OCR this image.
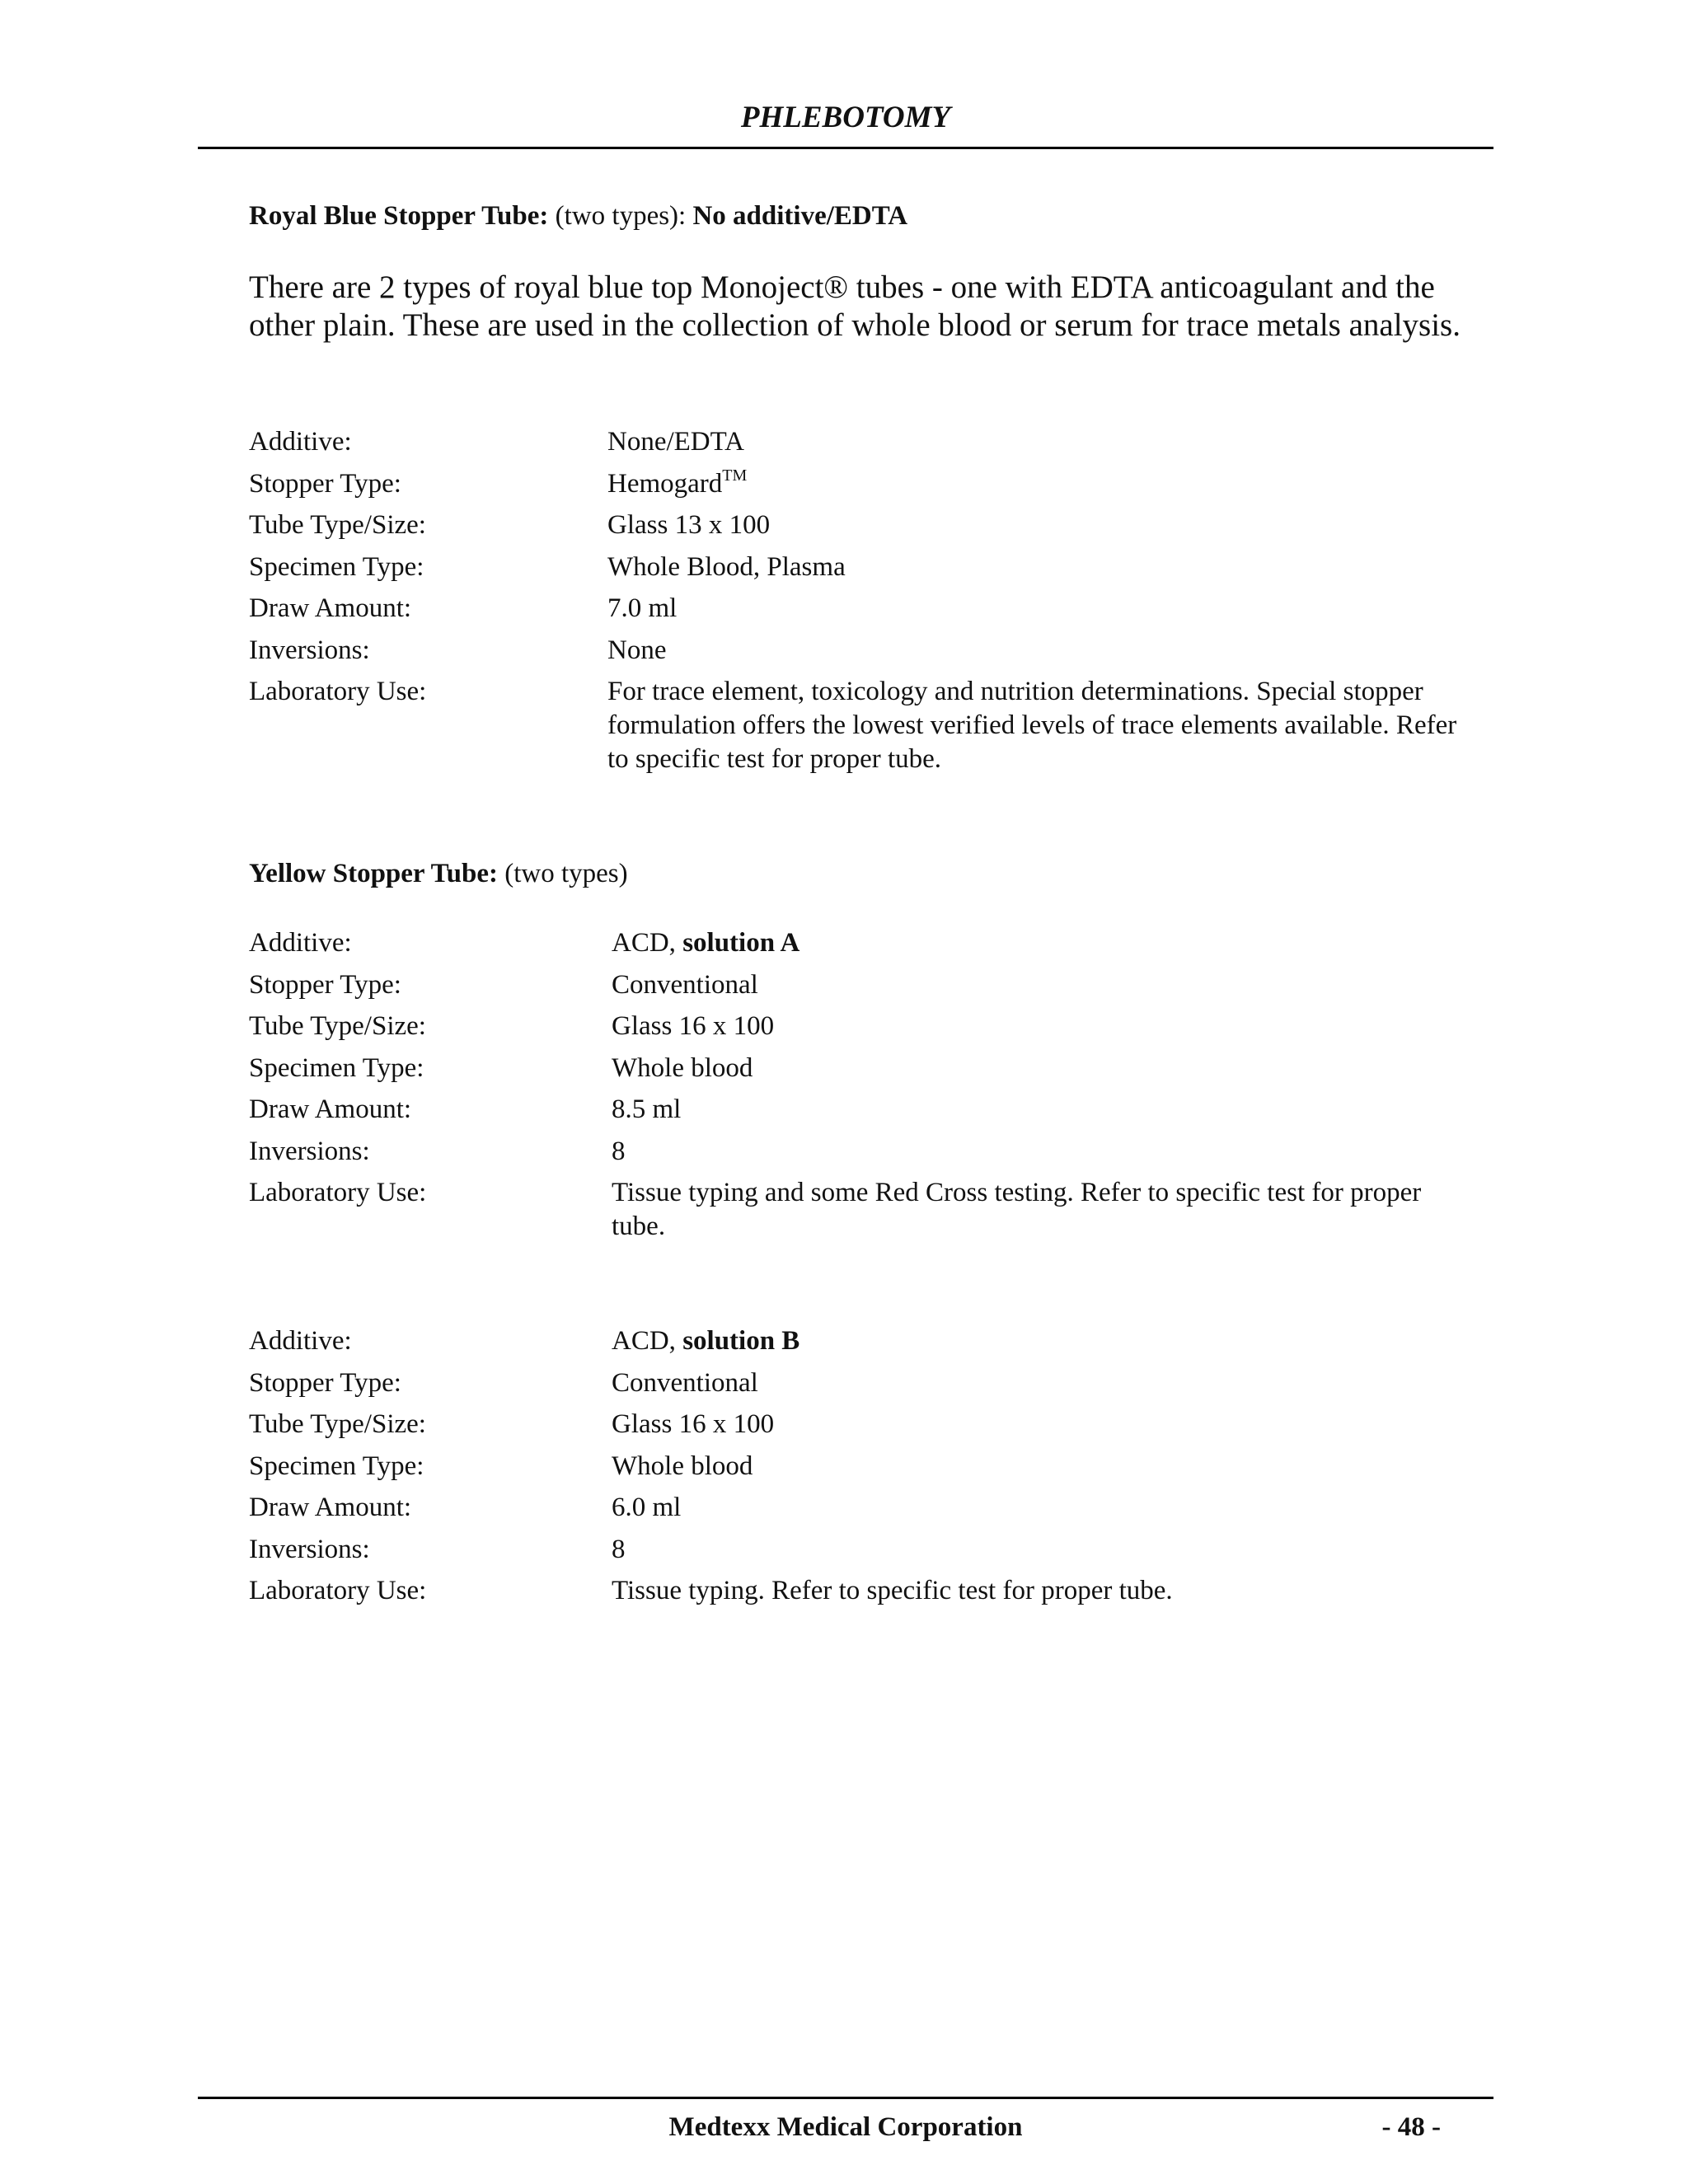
PHLEBOTOMY
Royal Blue Stopper Tube: (two types): No additive/EDTA
There are 2 types of royal blue top Monoject® tubes - one with EDTA anticoagulant and the other plain. These are used in the collection of whole blood or serum for trace metals analysis.
Additive:	None/EDTA
Stopper Type:	Hemogard™
Tube Type/Size:	Glass 13 x 100
Specimen Type:	Whole Blood, Plasma
Draw Amount:	7.0 ml
Inversions:	None
Laboratory Use:	For trace element, toxicology and nutrition determinations. Special stopper formulation offers the lowest verified levels of trace elements available. Refer to specific test for proper tube.
Yellow Stopper Tube: (two types)
Additive:	ACD, solution A
Stopper Type:	Conventional
Tube Type/Size:	Glass 16 x 100
Specimen Type:	Whole blood
Draw Amount:	8.5 ml
Inversions:	8
Laboratory Use:	Tissue typing and some Red Cross testing. Refer to specific test for proper tube.
Additive:	ACD, solution B
Stopper Type:	Conventional
Tube Type/Size:	Glass 16 x 100
Specimen Type:	Whole blood
Draw Amount:	6.0 ml
Inversions:	8
Laboratory Use:	Tissue typing. Refer to specific test for proper tube.
Medtexx Medical Corporation	- 48 -
